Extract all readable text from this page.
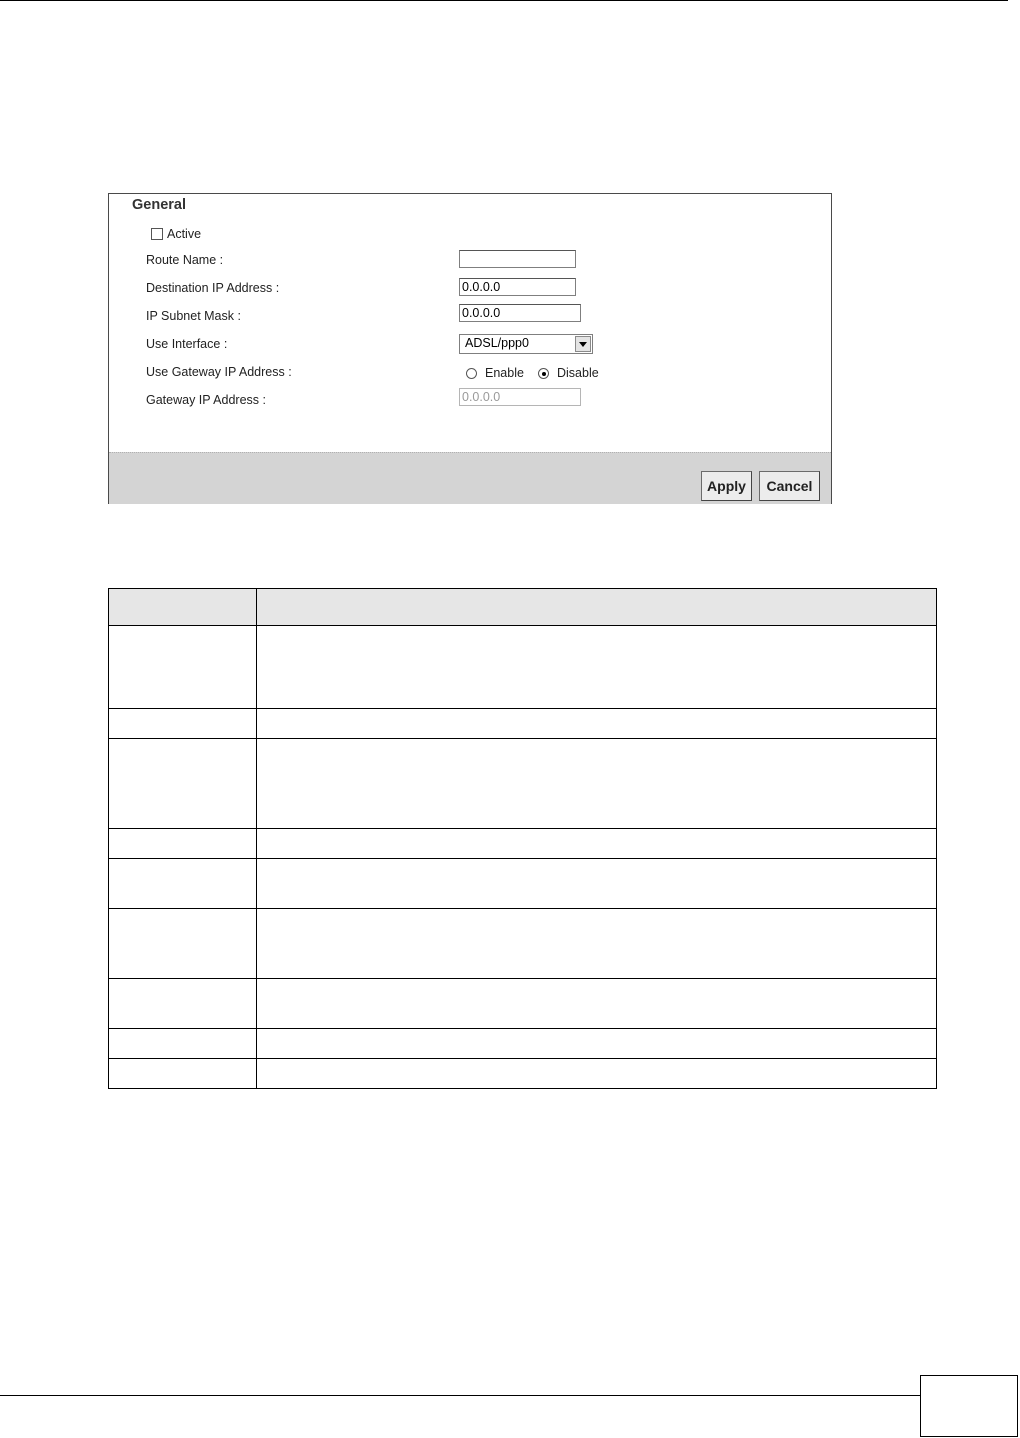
General
Active
Route Name :
Destination IP Address :
0.0.0.0
IP Subnet Mask :
0.0.0.0
Use Interface :	ADSL/ppp0
Use Gateway IP Address :	Enable	Disable
Gateway IP Address :
0.0.0.0
Apply	Cancel
